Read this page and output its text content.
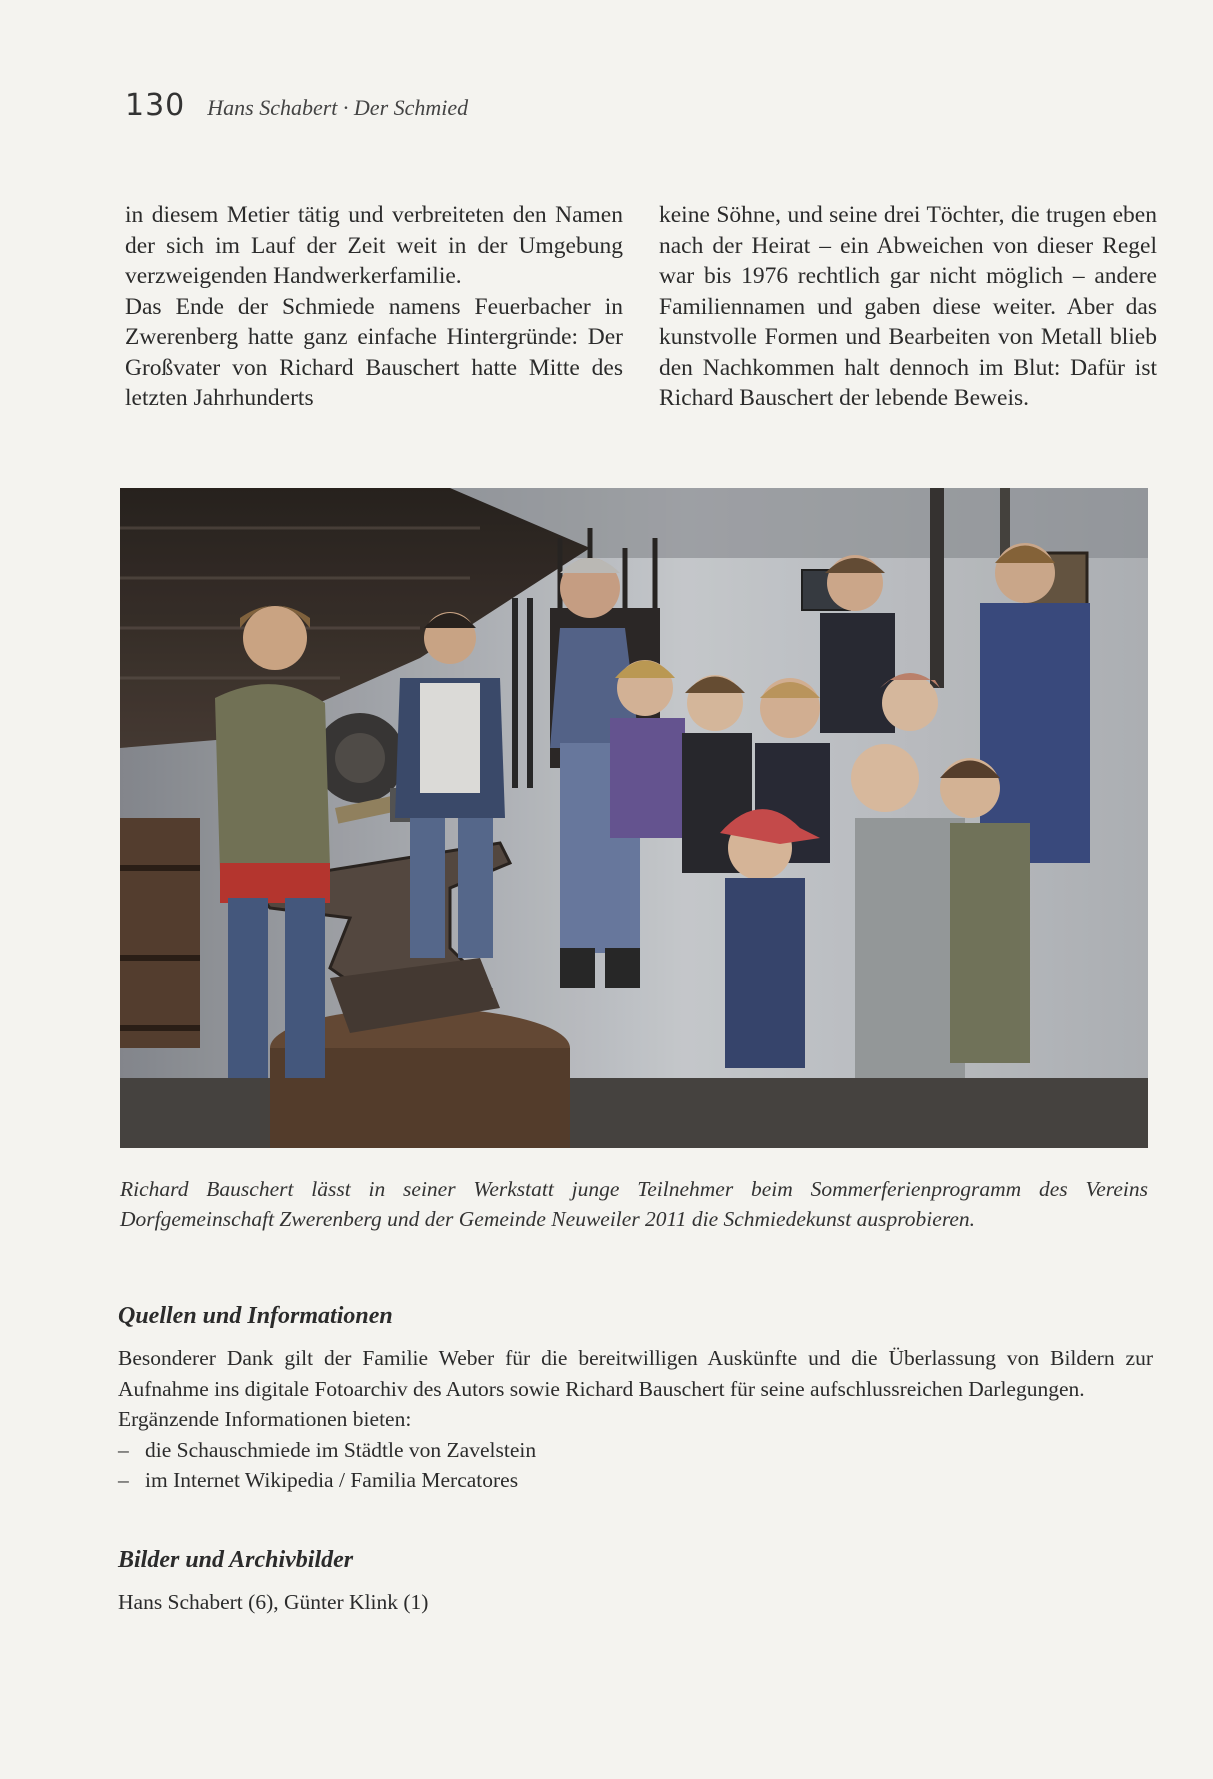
130 Hans Schabert · Der Schmied

in diesem Metier tätig und verbreiteten den Namen der sich im Lauf der Zeit weit in der Umgebung verzweigenden Handwerkerfamilie.

Das Ende der Schmiede namens Feuerbacher in Zwerenberg hatte ganz einfache Hintergründe: Der Großvater von Richard Bauschert hatte Mitte des letzten Jahrhunderts

keine Söhne, und seine drei Töchter, die trugen eben nach der Heirat – ein Abweichen von dieser Regel war bis 1976 rechtlich gar nicht möglich – andere Familiennamen und gaben diese weiter. Aber das kunstvolle Formen und Bearbeiten von Metall blieb den Nachkommen halt dennoch im Blut: Dafür ist Richard Bauschert der lebende Beweis.

Richard Bauschert lässt in seiner Werkstatt junge Teilnehmer beim Sommerferienprogramm des Vereins Dorfgemeinschaft Zwerenberg und der Gemeinde Neuweiler 2011 die Schmiedekunst ausprobieren.
Quellen und Informationen

Besonderer Dank gilt der Familie Weber für die bereitwilligen Auskünfte und die Überlassung von Bildern zur Aufnahme ins digitale Fotoarchiv des Autors sowie Richard Bauschert für seine aufschlussreichen Darlegungen.

Ergänzende Informationen bieten:

– die Schauschmiede im Städtle von Zavelstein
– im Internet Wikipedia / Familia Mercatores
Bilder und Archivbilder
Hans Schabert (6), Günter Klink (1)
